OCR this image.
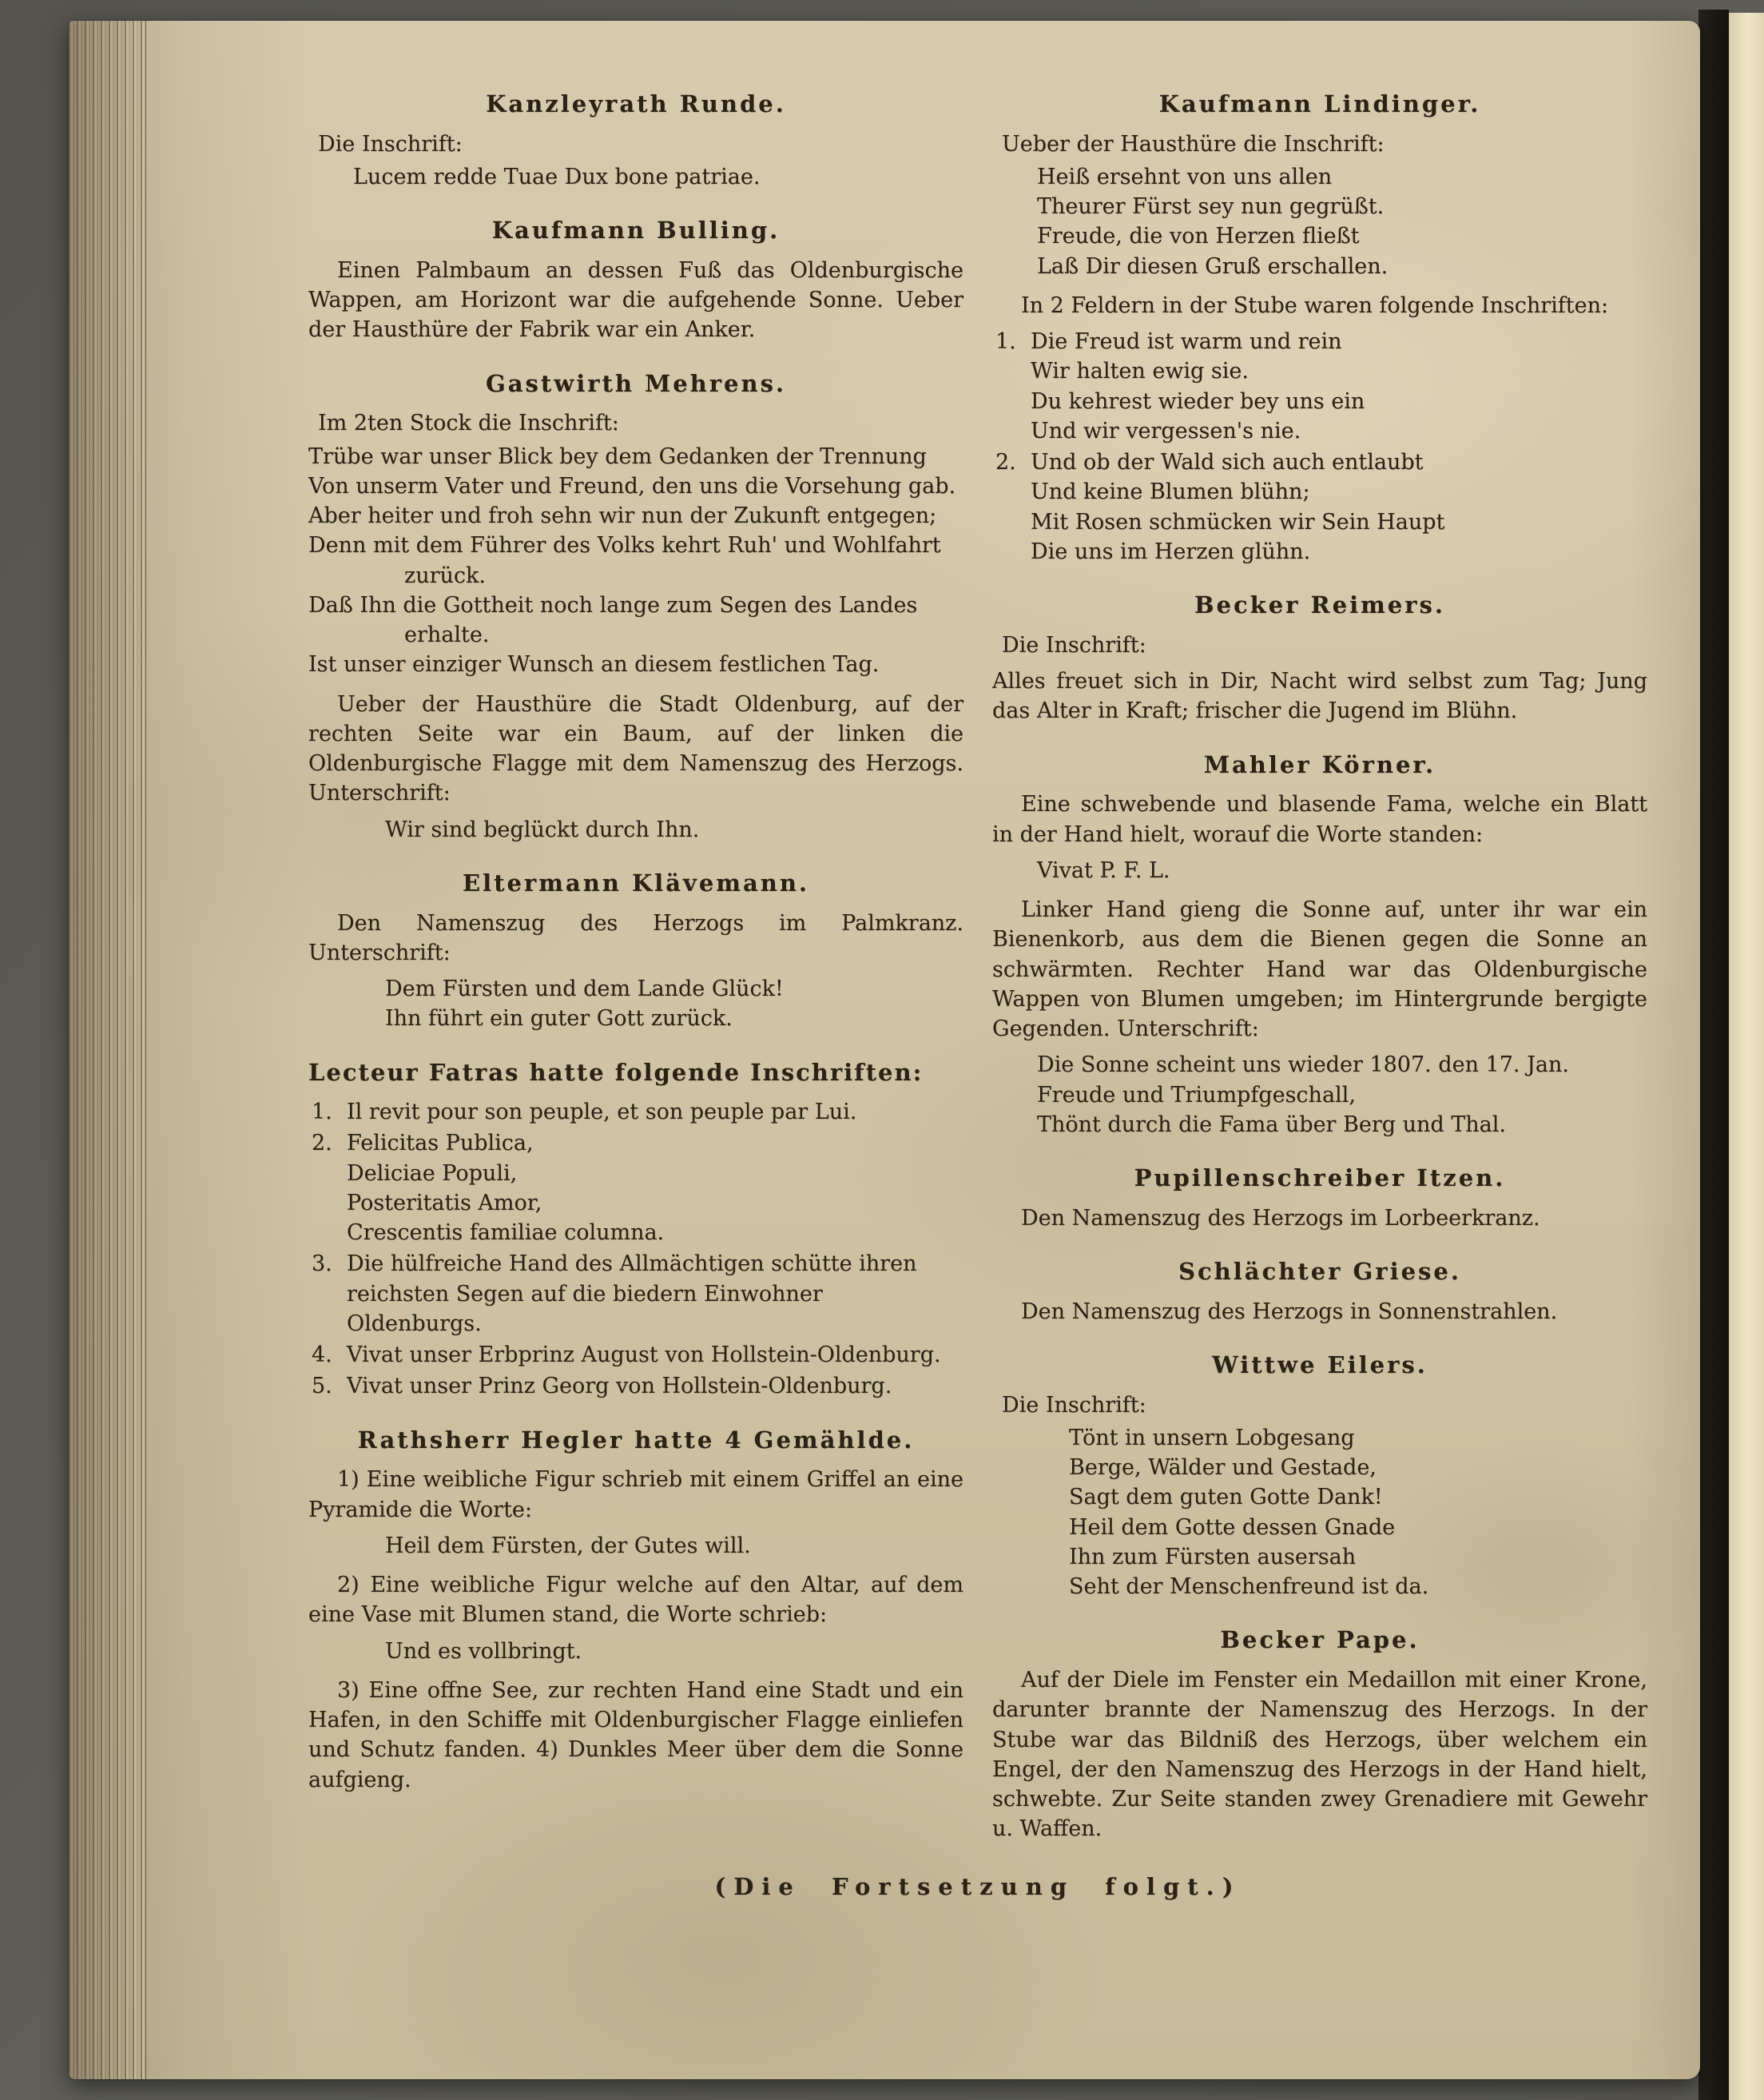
Kanzleyrath Runde.

Die Inschrift:

Lucem redde Tuae Dux bone patriae.
Kaufmann Bulling.

Einen Palmbaum an dessen Fuß das Oldenburgische Wappen, am Horizont war die aufgehende Sonne. Ueber der Hausthüre der Fabrik war ein Anker.

Gastwirth Mehrens.

Im 2ten Stock die Inschrift:

Trübe war unser Blick bey dem Gedanken der Trennung
Von unserm Vater und Freund, den uns die Vorsehung gab.
Aber heiter und froh sehn wir nun der Zukunft entgegen;
Denn mit dem Führer des Volks kehrt Ruh' und Wohlfahrt zurück.
Daß Ihn die Gottheit noch lange zum Segen des Landes erhalte.
Ist unser einziger Wunsch an diesem festlichen Tag.

Ueber der Hausthüre die Stadt Oldenburg, auf der rechten Seite war ein Baum, auf der linken die Oldenburgische Flagge mit dem Namenszug des Herzogs. Unterschrift:

Wir sind beglückt durch Ihn.
Eltermann Klävemann.

Den Namenszug des Herzogs im Palmkranz. Unterschrift:

Dem Fürsten und dem Lande Glück!
Ihn führt ein guter Gott zurück.
Lecteur Fatras hatte folgende Inschriften:
1. Il revit pour son peuple, et son peuple par Lui.
2. Felicitas Publica,
Deliciae Populi,
Posteritatis Amor,
Crescentis familiae columna.
3. Die hülfreiche Hand des Allmächtigen schütte ihren reichsten Segen auf die biedern Einwohner Oldenburgs.
4. Vivat unser Erbprinz August von Hollstein-Oldenburg.
5. Vivat unser Prinz Georg von Hollstein-Oldenburg.
Rathsherr Hegler hatte 4 Gemählde.

1) Eine weibliche Figur schrieb mit einem Griffel an eine Pyramide die Worte:

Heil dem Fürsten, der Gutes will.

2) Eine weibliche Figur welche auf den Altar, auf dem eine Vase mit Blumen stand, die Worte schrieb:

Und es vollbringt.

3) Eine offne See, zur rechten Hand eine Stadt und ein Hafen, in den Schiffe mit Oldenburgischer Flagge einliefen und Schutz fanden. 4) Dunkles Meer über dem die Sonne aufgieng.

Kaufmann Lindinger.

Ueber der Hausthüre die Inschrift:

Heiß ersehnt von uns allen
Theurer Fürst sey nun gegrüßt.
Freude, die von Herzen fließt
Laß Dir diesen Gruß erschallen.

In 2 Feldern in der Stube waren folgende Inschriften:

1. Die Freud ist warm und rein
Wir halten ewig sie.
Du kehrest wieder bey uns ein
Und wir vergessen's nie.
2. Und ob der Wald sich auch entlaubt
Und keine Blumen blühn;
Mit Rosen schmücken wir Sein Haupt
Die uns im Herzen glühn.
Becker Reimers.

Die Inschrift:

Alles freuet sich in Dir, Nacht wird selbst zum Tag; Jung das Alter in Kraft; frischer die Jugend im Blühn.

Mahler Körner.

Eine schwebende und blasende Fama, welche ein Blatt in der Hand hielt, worauf die Worte standen:

Vivat P. F. L.

Linker Hand gieng die Sonne auf, unter ihr war ein Bienenkorb, aus dem die Bienen gegen die Sonne an schwärmten. Rechter Hand war das Oldenburgische Wappen von Blumen umgeben; im Hintergrunde bergigte Gegenden. Unterschrift:

Die Sonne scheint uns wieder 1807. den 17. Jan.
Freude und Triumpfgeschall,
Thönt durch die Fama über Berg und Thal.
Pupillenschreiber Itzen.

Den Namenszug des Herzogs im Lorbeerkranz.

Schlächter Griese.

Den Namenszug des Herzogs in Sonnenstrahlen.

Wittwe Eilers.

Die Inschrift:

Tönt in unsern Lobgesang
Berge, Wälder und Gestade,
Sagt dem guten Gotte Dank!
Heil dem Gotte dessen Gnade
Ihn zum Fürsten ausersah
Seht der Menschenfreund ist da.
Becker Pape.

Auf der Diele im Fenster ein Medaillon mit einer Krone, darunter brannte der Namenszug des Herzogs. In der Stube war das Bildniß des Herzogs, über welchem ein Engel, der den Namenszug des Herzogs in der Hand hielt, schwebte. Zur Seite standen zwey Grenadiere mit Gewehr u. Waffen.

(Die Fortsetzung folgt.)
